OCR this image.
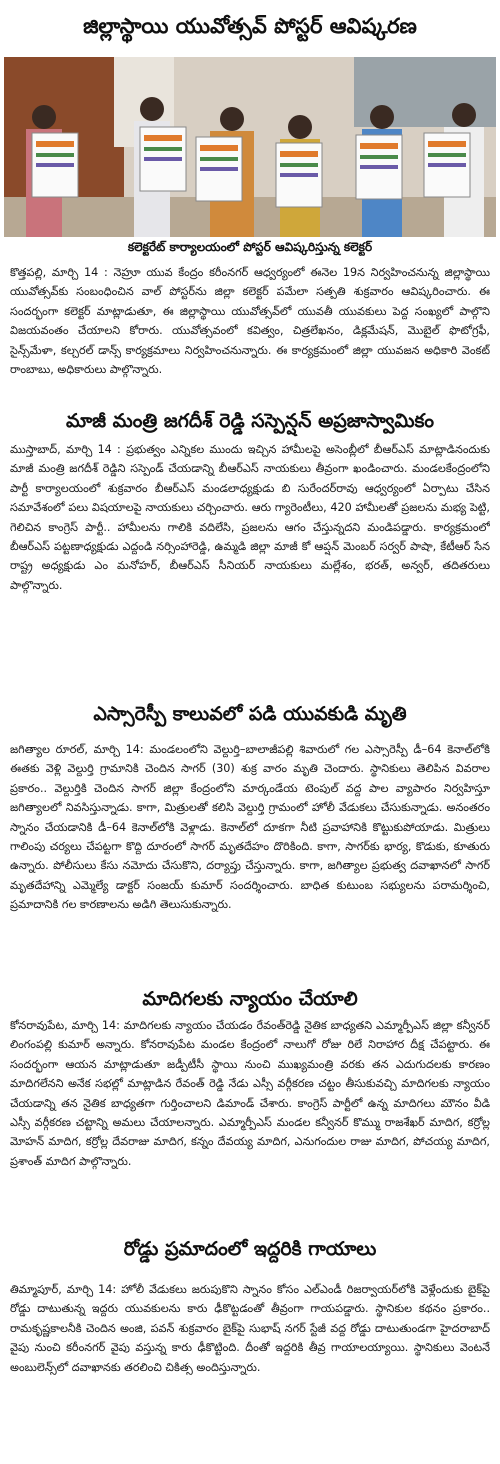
జిల్లాస్థాయి యువోత్సవ్ పోస్టర్ ఆవిష్కరణ
కలెక్టరేట్ కార్యాలయంలో పోస్టర్ ఆవిష్కరిస్తున్న కలెక్టర్
కొత్తపల్లి, మార్చి 14 : నెహ్రూ యువ కేంద్రం కరీంనగర్ ఆధ్వర్యంలో ఈనెల 19న నిర్వహించనున్న జిల్లాస్థాయి యువోత్సవ్‌కు సంబంధించిన వాల్ పోస్టర్‌ను జిల్లా కలెక్టర్ పమేలా సత్పతి శుక్రవారం ఆవిష్కరించారు. ఈ సందర్భంగా కలెక్టర్ మాట్లాడుతూ, ఈ జిల్లాస్థాయి యువోత్సవ్‌లో యువతీ యువకులు పెద్ద సంఖ్యలో పాల్గొని విజయవంతం చేయాలని కోరారు. యువోత్సవంలో కవిత్వం, చిత్రలేఖనం, డిక్లమేషన్, మొబైల్ ఫొటోగ్రఫీ, సైన్స్‌మేళా, కల్చరల్ డాన్స్ కార్యక్రమాలు నిర్వహించనున్నారు. ఈ కార్యక్రమంలో జిల్లా యువజన అధికారి వెంకట్ రాంబాబు, అధికారులు పాల్గొన్నారు.
మాజీ మంత్రి జగదీశ్ రెడ్డి సస్పెన్షన్ అప్రజాస్వామికం
ముస్తాబాద్, మార్చి 14 : ప్రభుత్వం ఎన్నికల ముందు ఇచ్చిన హామీలపై అసెంబ్లీలో బీఆర్ఎస్ మాట్లాడినందుకు మాజీ మంత్రి జగదీశ్ రెడ్డిని సస్పెండ్ చేయడాన్ని బీఆర్ఎస్ నాయకులు తీవ్రంగా ఖండించారు. మండలకేంద్రంలోని పార్టీ కార్యాలయంలో శుక్రవారం బీఆర్ఎస్ మండలాధ్యక్షుడు బి సురేందర్‌రావు ఆధ్వర్యంలో ఏర్పాటు చేసిన సమావేశంలో పలు విషయాలపై నాయకులు చర్చించారు. ఆరు గ్యారెంటీలు, 420 హామీలతో ప్రజలను మభ్య పెట్టి, గెలిచిన కాంగ్రెస్ పార్టీ.. హామీలను గాలికి వదిలేసి, ప్రజలను ఆగం చేస్తున్నదని మండిపడ్డారు. కార్యక్రమంలో బీఆర్ఎస్ పట్టణాధ్యక్షుడు ఎద్దండి నర్సింహారెడ్డి, ఉమ్మడి జిల్లా మాజీ కో ఆప్షన్ మెంబర్ సర్వర్ పాషా, కేటీఆర్ సేన రాష్ట్ర అధ్యక్షుడు ఎం మనోహర్, బీఆర్ఎస్ సీనియర్ నాయకులు మల్లేశం, భరత్, అన్వర్, తదితరులు పాల్గొన్నారు.
ఎస్సారెస్పీ కాలువలో పడి యువకుడి మృతి
జగిత్యాల రూరల్, మార్చి 14: మండలంలోని వెల్దుర్తి–బాలాజీపల్లి శివారులో గల ఎస్సారెస్పీ డీ–64 కెనాల్‌లోకి ఈతకు వెళ్లి వెల్దుర్తి గ్రామానికి చెందిన సాగర్ (30) శుక్ర వారం మృతి చెందారు. స్థానికులు తెలిపిన వివరాల ప్రకారం.. వెల్దుర్తికి చెందిన సాగర్ జిల్లా కేంద్రంలోని మార్కండేయ టెంపుల్ వద్ద పాల వ్యాపారం నిర్వహిస్తూ జగిత్యాలలో నివసిస్తున్నాడు. కాగా, మిత్రులతో కలిసి వెల్దుర్తి గ్రామంలో హోలీ వేడుకలు చేసుకున్నాడు. అనంతరం స్నానం చేయడానికి డీ–64 కెనాల్‌లోకి వెళ్లాడు. కెనాల్‌లో దూకగా నీటి ప్రవాహానికి కొట్టుకుపోయాడు. మిత్రులు గాలింపు చర్యలు చేపట్టగా కొద్ది దూరంలో సాగర్ మృతదేహం దొరికింది. కాగా, సాగర్‌కు భార్య, కొడుకు, కూతురు ఉన్నారు. పోలీసులు కేసు నమోదు చేసుకొని, దర్యాప్తు చేస్తున్నారు. కాగా, జగిత్యాల ప్రభుత్వ దవాఖానలో సాగర్ మృతదేహాన్ని ఎమ్మెల్యే డాక్టర్ సంజయ్ కుమార్ సందర్శించారు. బాధిత కుటుంబ సభ్యులను పరామర్శించి, ప్రమాదానికి గల కారణాలను అడిగి తెలుసుకున్నారు.
మాదిగలకు న్యాయం చేయాలి
కోనరావుపేట, మార్చి 14: మాదిగలకు న్యాయం చేయడం రేవంత్‌రెడ్డి నైతిక బాధ్యతని ఎమ్మార్పీఎస్ జిల్లా కన్వీనర్ లింగంపల్లి కుమార్ అన్నారు. కోనరావుపేట మండల కేంద్రంలో నాలుగో రోజు రిలే నిరాహార దీక్ష చేపట్టారు. ఈ సందర్భంగా ఆయన మాట్లాడుతూ జడ్పీటీసీ స్థాయి నుంచి ముఖ్యమంత్రి వరకు తన ఎదుగుదలకు కారణం మాదిగలేనని అనేక సభల్లో మాట్లాడిన రేవంత్ రెడ్డి నేడు ఎస్సీ వర్గీకరణ చట్టం తీసుకువచ్చి మాదిగలకు న్యాయం చేయడాన్ని తన నైతిక బాధ్యతగా గుర్తించాలని డిమాండ్ చేశారు. కాంగ్రెస్ పార్టీలో ఉన్న మాదిగలు మౌనం వీడి ఎస్సీ వర్గీకరణ చట్టాన్ని అమలు చేయాలన్నారు. ఎమ్మార్పీఎస్ మండల కన్వీనర్ కొమ్ము రాజశేఖర్ మాదిగ, కర్రోల్ల మోహన్ మాదిగ, కర్రోల్ల దేవరాజు మాదిగ, కన్నం దేవయ్య మాదిగ, ఎనుగందుల రాజు మాదిగ, పోచయ్య మాదిగ, ప్రశాంత్ మాదిగ పాల్గొన్నారు.
రోడ్డు ప్రమాదంలో ఇద్దరికి గాయాలు
తిమ్మాపూర్, మార్చి 14: హోలీ వేడుకలు జరుపుకొని స్నానం కోసం ఎల్ఎండీ రిజర్వాయర్‌లోకి వెళ్లేందుకు బైక్‌పై రోడ్డు దాటుతున్న ఇద్దరు యువకులను కారు ఢీకొట్టడంతో తీవ్రంగా గాయపడ్డారు. స్థానికుల కథనం ప్రకారం.. రామకృష్ణకాలనీకి చెందిన అంజి, పవన్ శుక్రవారం బైక్‌పై సుభాష్ నగర్ స్టేజీ వద్ద రోడ్డు దాటుతుండగా హైదరాబాద్ వైపు నుంచి కరీంనగర్ వైపు వస్తున్న కారు ఢీకొట్టింది. దీంతో ఇద్దరికి తీవ్ర గాయాలయ్యాయి. స్థానికులు వెంటనే అంబులెన్స్‌లో దవాఖానకు తరలించి చికిత్స అందిస్తున్నారు.
